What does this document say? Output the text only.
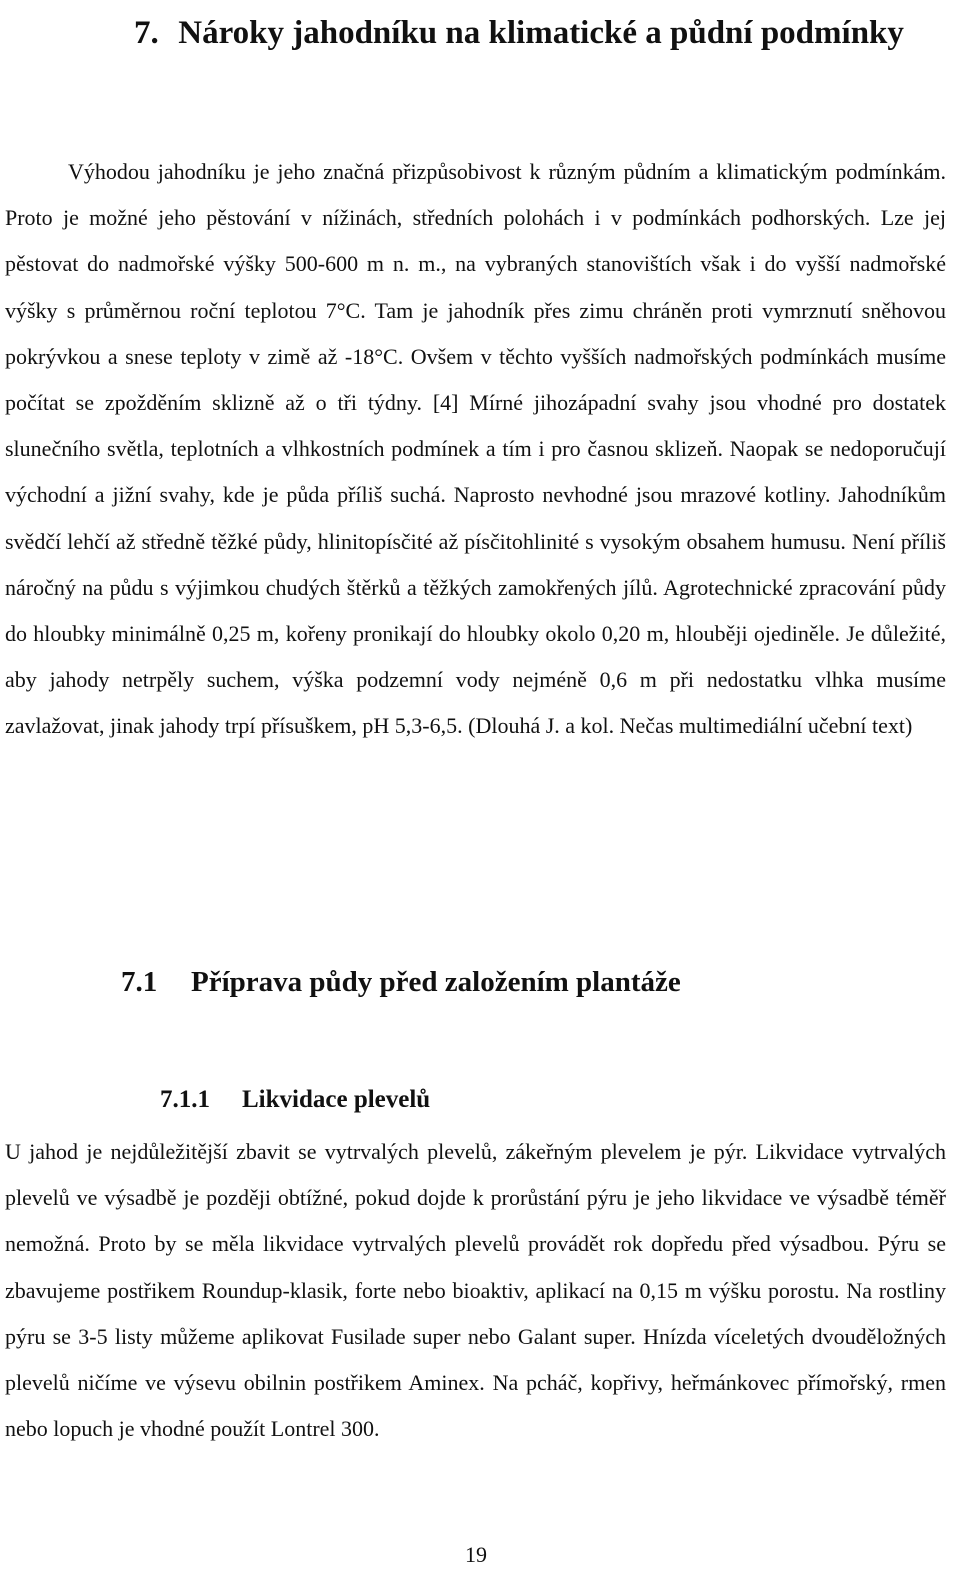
7. Nároky jahodníku na klimatické a půdní podmínky

Výhodou jahodníku je jeho značná přizpůsobivost k různým půdním a klimatickým podmínkám. Proto je možné jeho pěstování v nížinách, středních polohách i v podmínkách podhorských. Lze jej pěstovat do nadmořské výšky 500-600 m n. m., na vybraných stanovištích však i do vyšší nadmořské výšky s průměrnou roční teplotou 7°C. Tam je jahodník přes zimu chráněn proti vymrznutí sněhovou pokrývkou a snese teploty v zimě až -18°C. Ovšem v těchto vyšších nadmořských podmínkách musíme počítat se zpožděním sklizně až o tři týdny. [4] Mírné jihozápadní svahy jsou vhodné pro dostatek slunečního světla, teplotních a vlhkostních podmínek a tím i pro časnou sklizeň. Naopak se nedoporučují východní a jižní svahy, kde je půda příliš suchá. Naprosto nevhodné jsou mrazové kotliny. Jahodníkům svědčí lehčí až středně těžké půdy, hlinitopísčité až písčitohlinité s vysokým obsahem humusu. Není příliš náročný na půdu s výjimkou chudých štěrků a těžkých zamokřených jílů. Agrotechnické zpracování půdy do hloubky minimálně 0,25 m, kořeny pronikají do hloubky okolo 0,20 m, hlouběji ojediněle. Je důležité, aby jahody netrpěly suchem, výška podzemní vody nejméně 0,6 m při nedostatku vlhka musíme zavlažovat, jinak jahody trpí přísuškem, pH 5,3-6,5. (Dlouhá J. a kol. Nečas multimediální učební text)

7.1 Příprava půdy před založením plantáže
7.1.1 Likvidace plevelů

U jahod je nejdůležitější zbavit se vytrvalých plevelů, zákeřným plevelem je pýr. Likvidace vytrvalých plevelů ve výsadbě je později obtížné, pokud dojde k prorůstání pýru je jeho likvidace ve výsadbě téměř nemožná. Proto by se měla likvidace vytrvalých plevelů provádět rok dopředu před výsadbou. Pýru se zbavujeme postřikem Roundup-klasik, forte nebo bioaktiv, aplikací na 0,15 m výšku porostu. Na rostliny pýru se 3-5 listy můžeme aplikovat Fusilade super nebo Galant super. Hnízda víceletých dvouděložných plevelů ničíme ve výsevu obilnin postřikem Aminex. Na pcháč, kopřivy, heřmánkovec přímořský, rmen nebo lopuch je vhodné použít Lontrel 300.

19
